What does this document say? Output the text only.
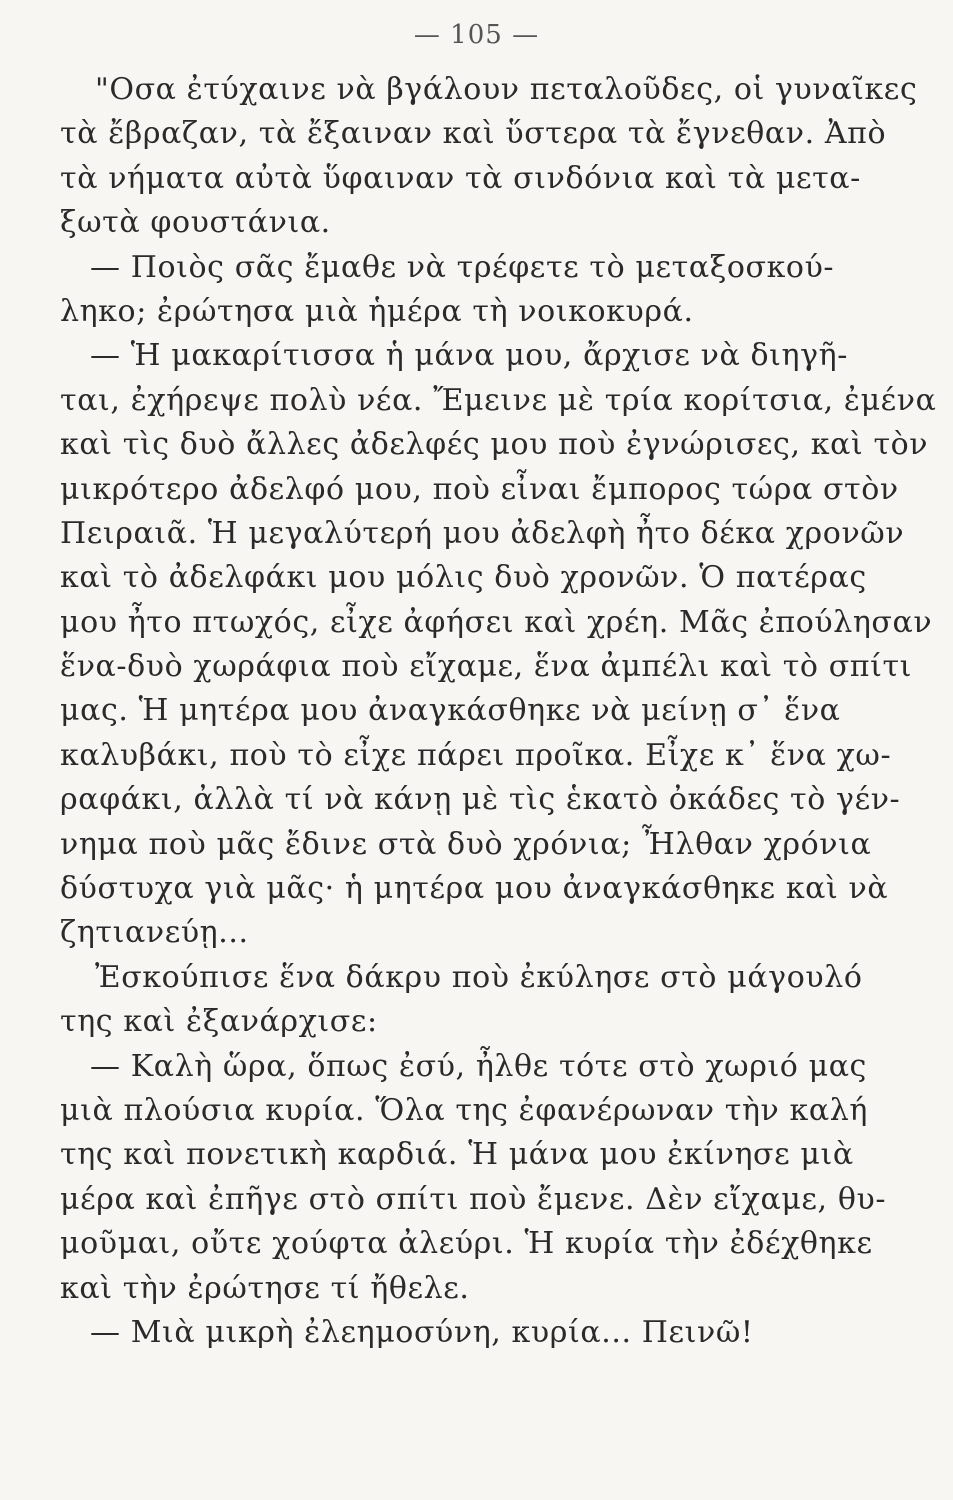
— 105 —
"Οσα ἐτύχαινε νὰ βγάλουν πεταλοῦδες, οἱ γυναῖκες
τὰ ἔβραζαν, τὰ ἔξαιναν καὶ ὕστερα τὰ ἔγνεθαν. Ἀπὸ
τὰ νήματα αὐτὰ ὕφαιναν τὰ σινδόνια καὶ τὰ μετα-
ξωτὰ φουστάνια.
— Ποιὸς σᾶς ἔμαθε νὰ τρέφετε τὸ μεταξοσκού-
ληκο; ἐρώτησα μιὰ ἡμέρα τὴ νοικοκυρά.
— Ἡ μακαρίτισσα ἡ μάνα μου, ἄρχισε νὰ διηγῆ-
ται, ἐχήρεψε πολὺ νέα. Ἔμεινε μὲ τρία κορίτσια, ἐμένα
καὶ τὶς δυὸ ἄλλες ἀδελφές μου ποὺ ἐγνώρισες, καὶ τὸν
μικρότερο ἀδελφό μου, ποὺ εἶναι ἔμπορος τώρα στὸν
Πειραιᾶ. Ἡ μεγαλύτερή μου ἀδελφὴ ἦτο δέκα χρονῶν
καὶ τὸ ἀδελφάκι μου μόλις δυὸ χρονῶν. Ὁ πατέρας
μου ἦτο πτωχός, εἶχε ἀφήσει καὶ χρέη. Μᾶς ἐπούλησαν
ἕνα-δυὸ χωράφια ποὺ εἴχαμε, ἕνα ἀμπέλι καὶ τὸ σπίτι
μας. Ἡ μητέρα μου ἀναγκάσθηκε νὰ μείνῃ σ᾽ ἕνα
καλυβάκι, ποὺ τὸ εἶχε πάρει προῖκα. Εἶχε κ᾽ ἕνα χω-
ραφάκι, ἀλλὰ τί νὰ κάνῃ μὲ τὶς ἑκατὸ ὀκάδες τὸ γέν-
νημα ποὺ μᾶς ἔδινε στὰ δυὸ χρόνια; Ἦλθαν χρόνια
δύστυχα γιὰ μᾶς· ἡ μητέρα μου ἀναγκάσθηκε καὶ νὰ
ζητιανεύῃ...
Ἐσκούπισε ἕνα δάκρυ ποὺ ἐκύλησε στὸ μάγουλό
της καὶ ἐξανάρχισε:
— Καλὴ ὥρα, ὅπως ἐσύ, ἦλθε τότε στὸ χωριό μας
μιὰ πλούσια κυρία. Ὅλα της ἐφανέρωναν τὴν καλή
της καὶ πονετικὴ καρδιά. Ἡ μάνα μου ἐκίνησε μιὰ
μέρα καὶ ἐπῆγε στὸ σπίτι ποὺ ἔμενε. Δὲν εἴχαμε, θυ-
μοῦμαι, οὔτε χούφτα ἀλεύρι. Ἡ κυρία τὴν ἐδέχθηκε
καὶ τὴν ἐρώτησε τί ἤθελε.
— Μιὰ μικρὴ ἐλεημοσύνη, κυρία... Πεινῶ!
